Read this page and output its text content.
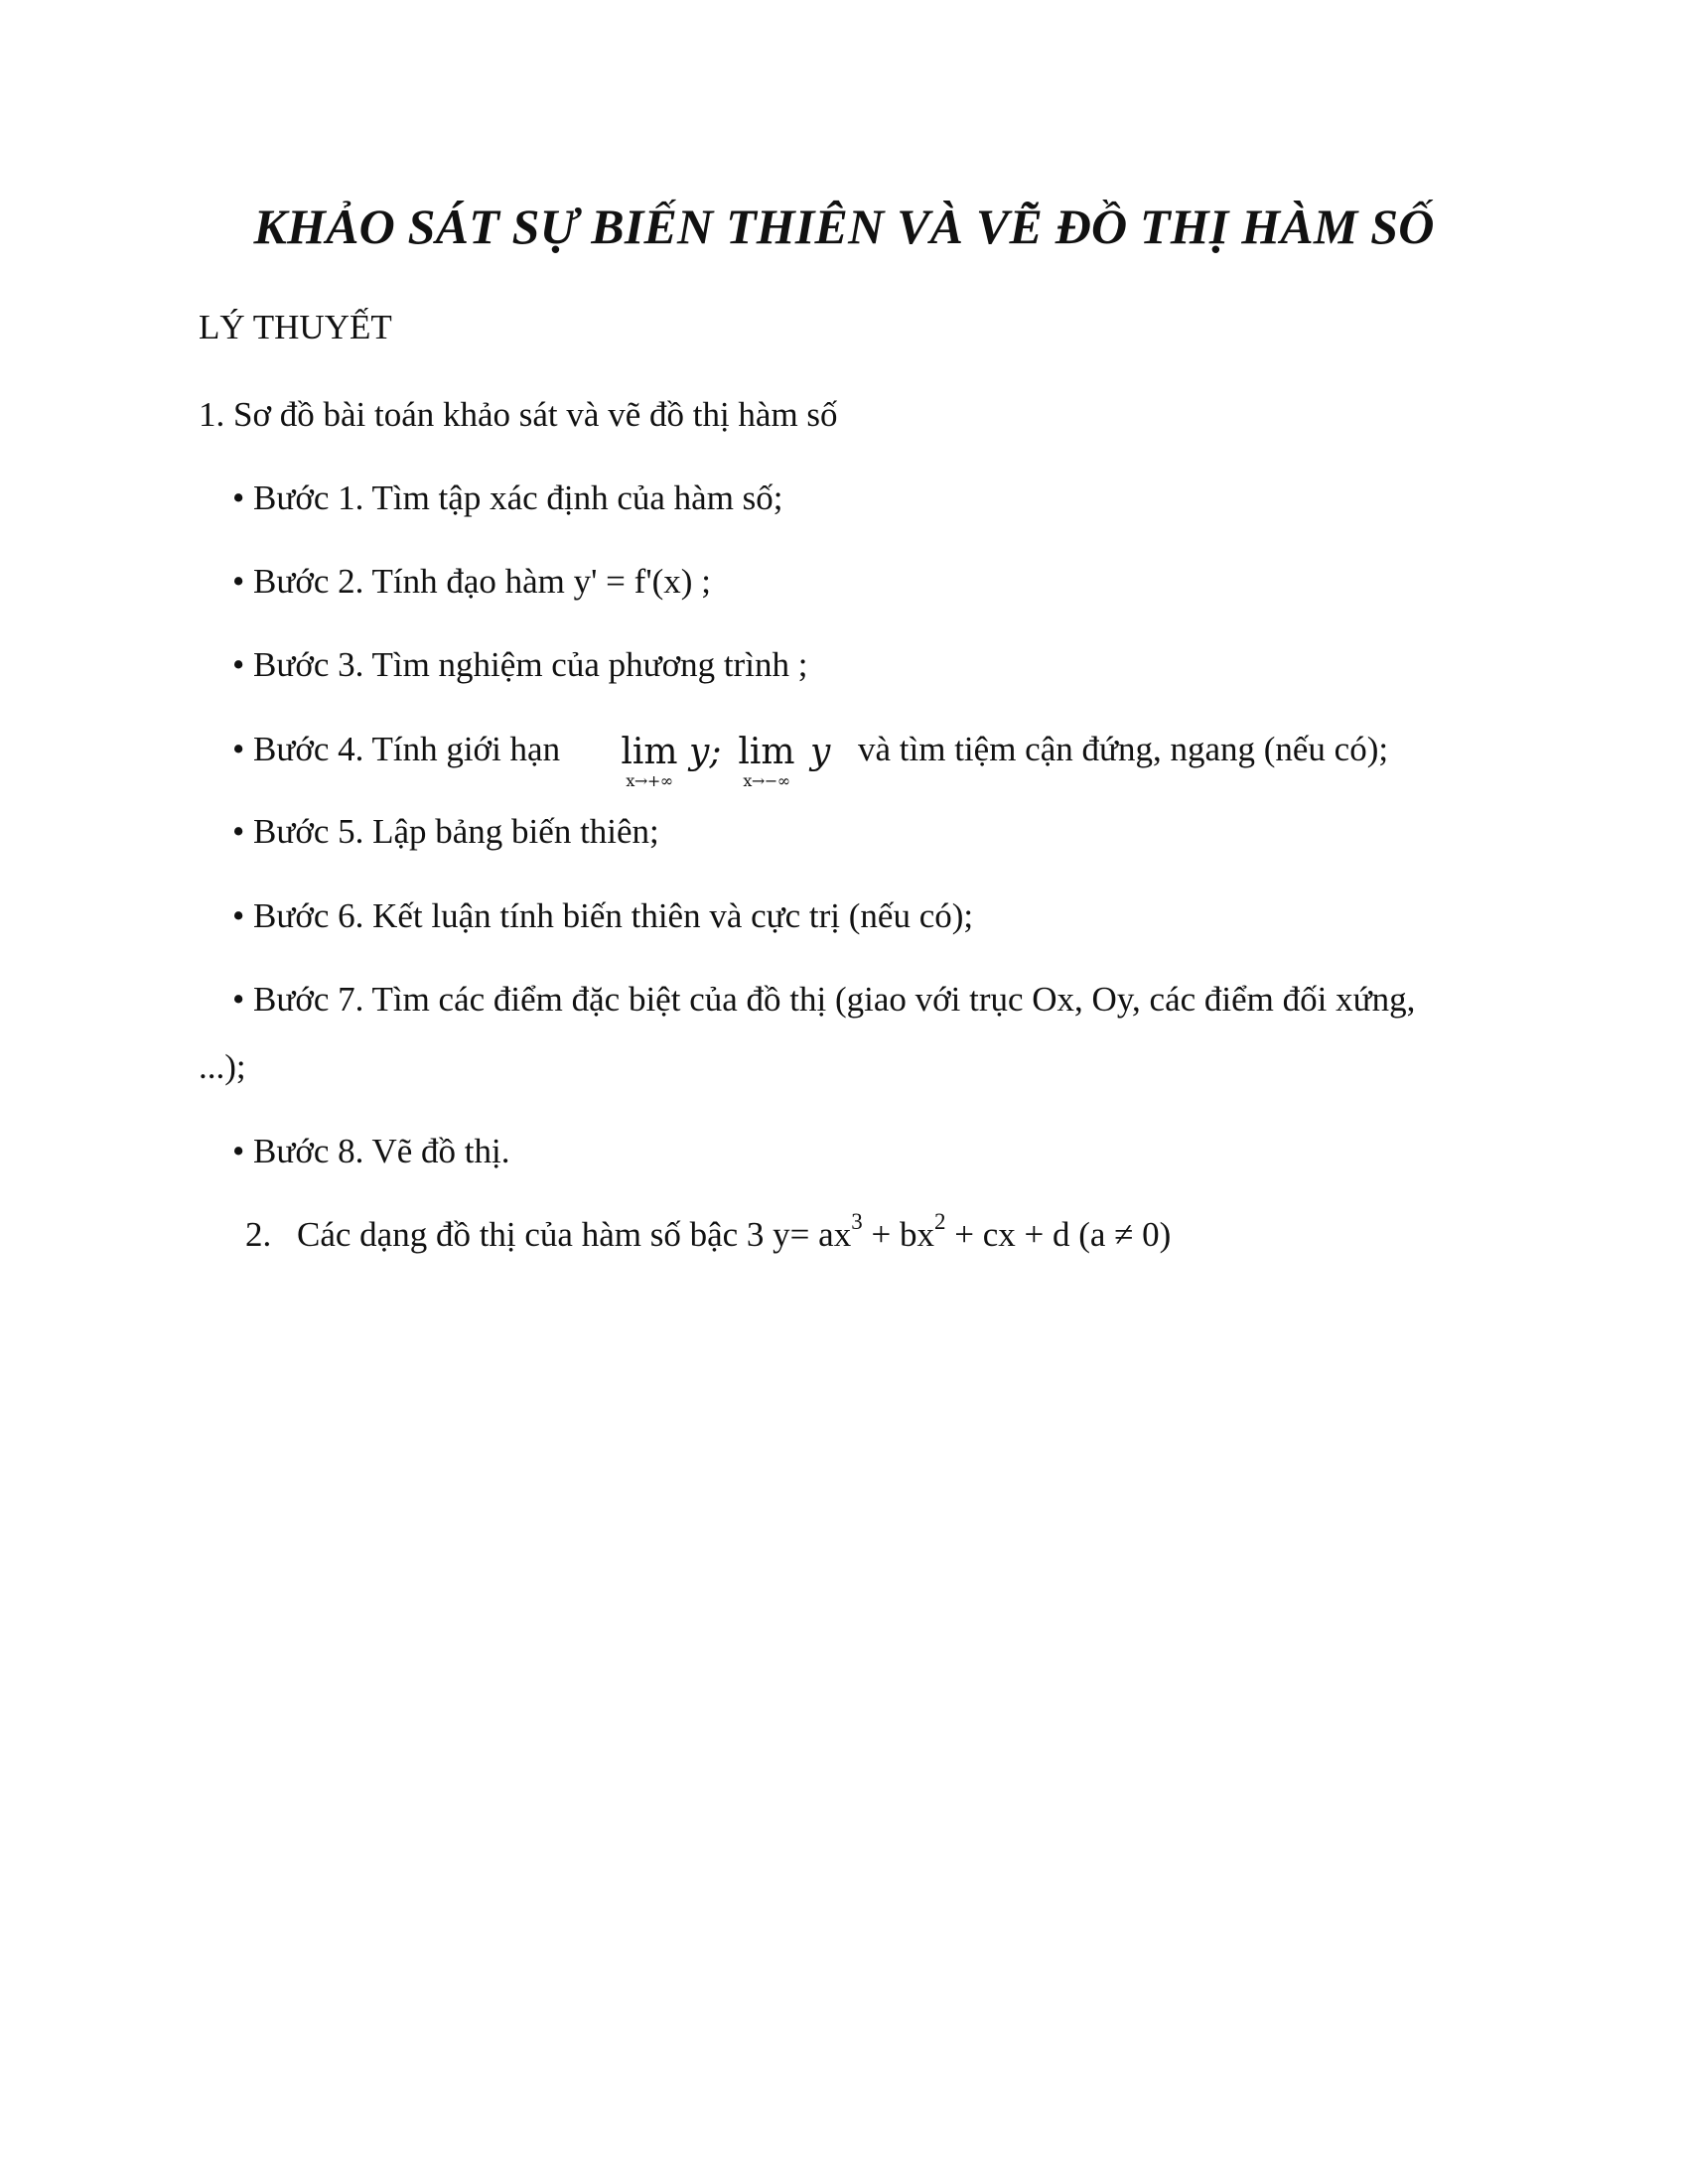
KHẢO SÁT SỰ BIẾN THIÊN VÀ VẼ ĐỒ THỊ HÀM SỐ
LÝ THUYẾT
1. Sơ đồ bài toán khảo sát và vẽ đồ thị hàm số
• Bước 1. Tìm tập xác định của hàm số;
• Bước 2. Tính đạo hàm y' = f'(x) ;
• Bước 3. Tìm nghiệm của phương trình ;
• Bước 4. Tính giới hạn lim
x→+∞
y; lim
x→−∞
y và tìm tiệm cận đứng, ngang (nếu có);
• Bước 5. Lập bảng biến thiên;
• Bước 6. Kết luận tính biến thiên và cực trị (nếu có);
• Bước 7. Tìm các điểm đặc biệt của đồ thị (giao với trục Ox, Oy, các điểm đối xứng,
...);
• Bước 8. Vẽ đồ thị.
2. Các dạng đồ thị của hàm số bậc 3 $y= ax^3 + bx^2$ + cx + d (a ≠ 0)
